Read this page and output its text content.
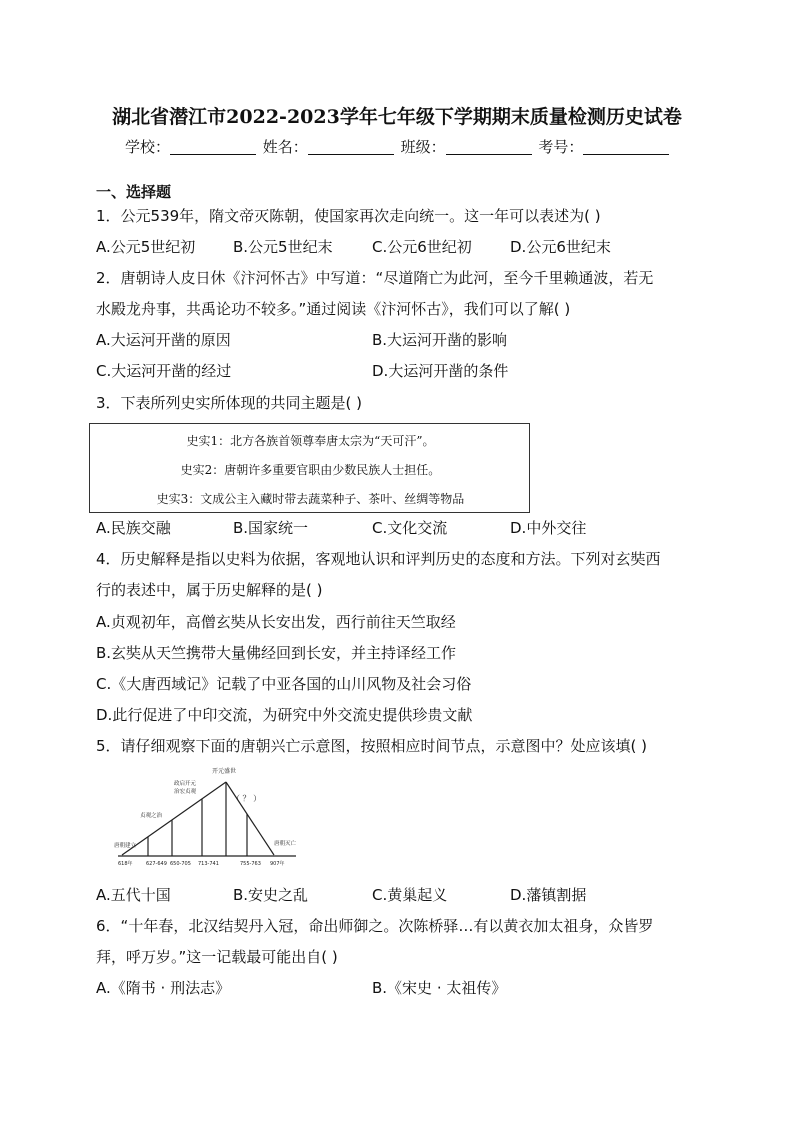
湖北省潜江市2022-2023学年七年级下学期期末质量检测历史试卷
学校：	姓名：	班级：	考号：
一、选择题
1．公元539年，隋文帝灭陈朝，使国家再次走向统一。这一年可以表述为( )
A.公元5世纪初	B.公元5世纪末	C.公元6世纪初	D.公元6世纪末
2．唐朝诗人皮日休《汴河怀古》中写道：“尽道隋亡为此河，至今千里赖通波，若无
水殿龙舟事，共禹论功不较多。”通过阅读《汴河怀古》，我们可以了解( )
A.大运河开凿的原因	B.大运河开凿的影响
C.大运河开凿的经过	D.大运河开凿的条件
3．下表所列史实所体现的共同主题是( )
史实1：北方各族首领尊奉唐太宗为“天可汗”。
史实2：唐朝许多重要官职由少数民族人士担任。
史实3：文成公主入藏时带去蔬菜种子、茶叶、丝绸等物品
A.民族交融	B.国家统一	C.文化交流	D.中外交往
4．历史解释是指以史料为依据，客观地认识和评判历史的态度和方法。下列对玄奘西
行的表述中，属于历史解释的是( )
A.贞观初年，高僧玄奘从长安出发，西行前往天竺取经
B.玄奘从天竺携带大量佛经回到长安，并主持译经工作
C.《大唐西域记》记载了中亚各国的山川风物及社会习俗
D.此行促进了中印交流，为研究中外交流史提供珍贵文献
5．请仔细观察下面的唐朝兴亡示意图，按照相应时间节点，示意图中？处应该填( )
开元盛世
政启开元
治宏贞观
贞观之治
唐朝建立	唐朝灭亡
（ ？ ）
618年	627-649 650-705 713-741	755-763 907年
A.五代十国	B.安史之乱	C.黄巢起义	D.藩镇割据
6．“十年春，北汉结契丹入冠，命出师御之。次陈桥驿…有以黄衣加太祖身，众皆罗
拜，呼万岁。”这一记载最可能出自( )
A.《隋书 · 刑法志》	B.《宋史 · 太祖传》
